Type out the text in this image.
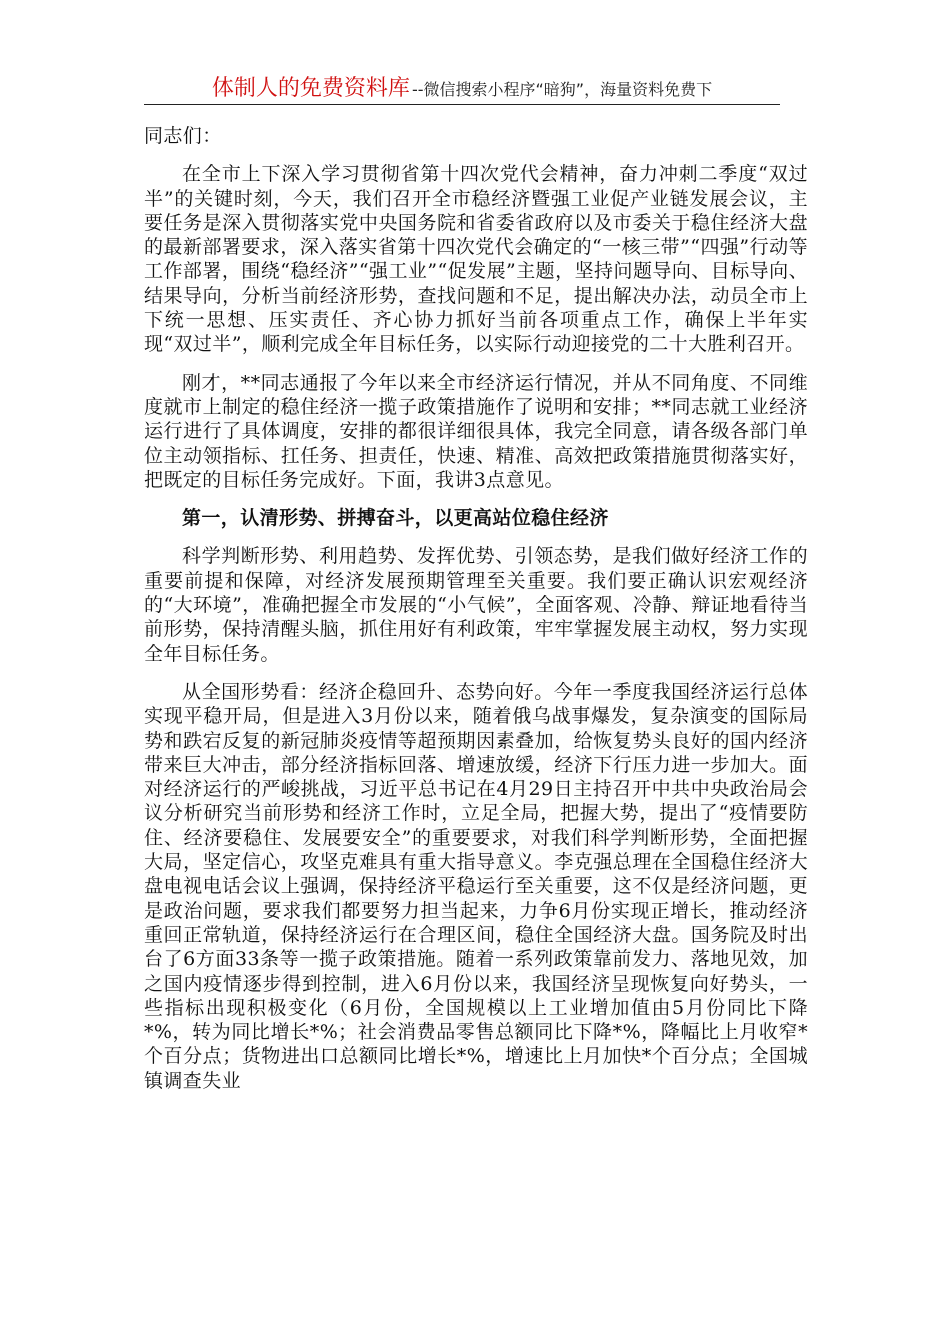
体制人的免费资料库 --微信搜索小程序“暗狗”，海量资料免费下

同志们：

在全市上下深入学习贯彻省第十四次党代会精神，奋力冲刺二季度“双过半”的关键时刻，今天，我们召开全市稳经济暨强工业促产业链发展会议，主要任务是深入贯彻落实党中央国务院和省委省政府以及市委关于稳住经济大盘的最新部署要求，深入落实省第十四次党代会确定的“一核三带”“四强”行动等工作部署，围绕“稳经济”“强工业”“促发展”主题，坚持问题导向、目标导向、结果导向，分析当前经济形势，查找问题和不足，提出解决办法，动员全市上下统一思想、压实责任、齐心协力抓好当前各项重点工作，确保上半年实现“双过半”，顺利完成全年目标任务，以实际行动迎接党的二十大胜利召开。

刚才，**同志通报了今年以来全市经济运行情况，并从不同角度、不同维度就市上制定的稳住经济一揽子政策措施作了说明和安排；**同志就工业经济运行进行了具体调度，安排的都很详细很具体，我完全同意，请各级各部门单位主动领指标、扛任务、担责任，快速、精准、高效把政策措施贯彻落实好，把既定的目标任务完成好。下面，我讲3点意见。

第一，认清形势、拼搏奋斗，以更高站位稳住经济

科学判断形势、利用趋势、发挥优势、引领态势，是我们做好经济工作的重要前提和保障，对经济发展预期管理至关重要。我们要正确认识宏观经济的“大环境”，准确把握全市发展的“小气候”，全面客观、冷静、辩证地看待当前形势，保持清醒头脑，抓住用好有利政策，牢牢掌握发展主动权，努力实现全年目标任务。

从全国形势看：经济企稳回升、态势向好。今年一季度我国经济运行总体实现平稳开局，但是进入3月份以来，随着俄乌战事爆发，复杂演变的国际局势和跌宕反复的新冠肺炎疫情等超预期因素叠加，给恢复势头良好的国内经济带来巨大冲击，部分经济指标回落、增速放缓，经济下行压力进一步加大。面对经济运行的严峻挑战，习近平总书记在4月29日主持召开中共中央政治局会议分析研究当前形势和经济工作时，立足全局，把握大势，提出了“疫情要防住、经济要稳住、发展要安全”的重要要求，对我们科学判断形势，全面把握大局，坚定信心，攻坚克难具有重大指导意义。李克强总理在全国稳住经济大盘电视电话会议上强调，保持经济平稳运行至关重要，这不仅是经济问题，更是政治问题，要求我们都要努力担当起来，力争6月份实现正增长，推动经济重回正常轨道，保持经济运行在合理区间，稳住全国经济大盘。国务院及时出台了6方面33条等一揽子政策措施。随着一系列政策靠前发力、落地见效，加之国内疫情逐步得到控制，进入6月份以来，我国经济呈现恢复向好势头，一些指标出现积极变化（6月份，全国规模以上工业增加值由5月份同比下降*%，转为同比增长*%；社会消费品零售总额同比下降*%，降幅比上月收窄*个百分点；货物进出口总额同比增长*%，增速比上月加快*个百分点；全国城镇调查失业
